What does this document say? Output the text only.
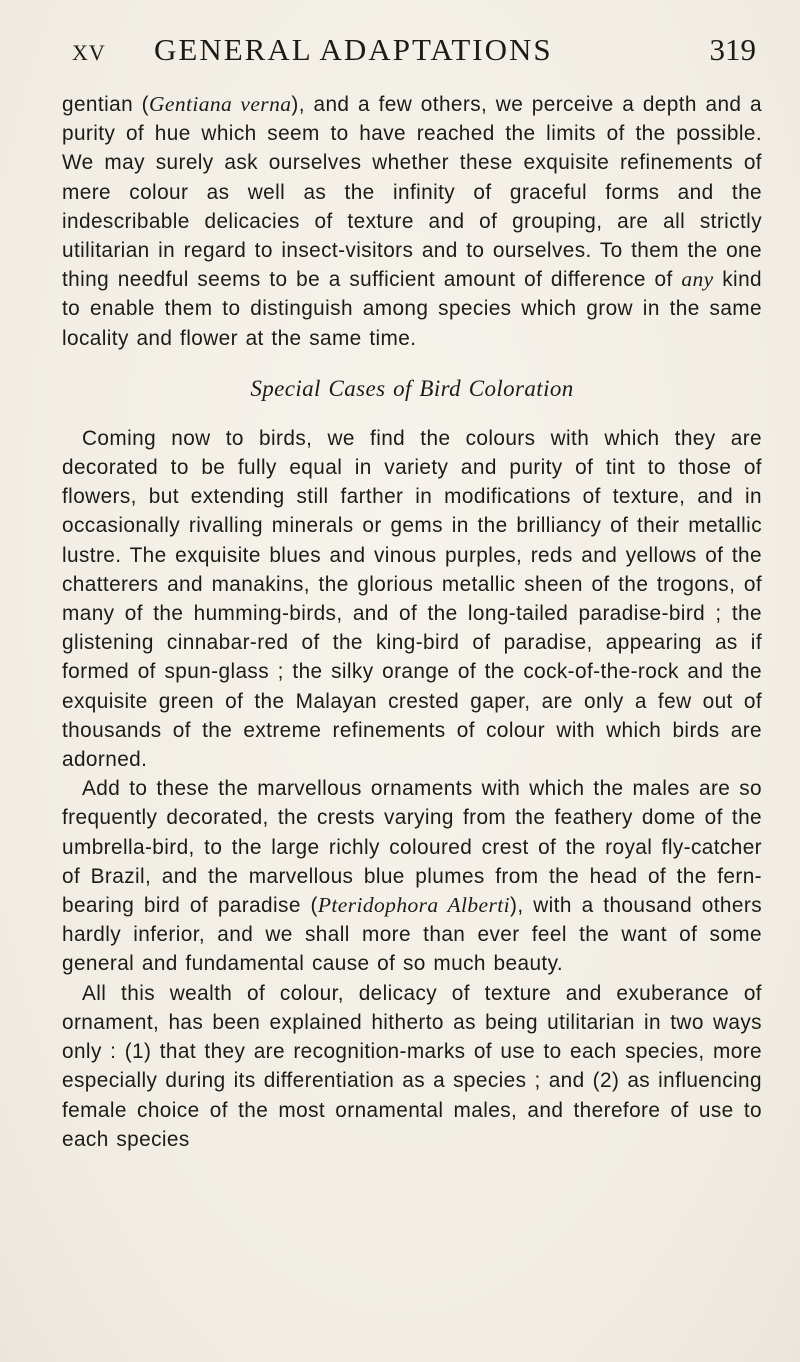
XV GENERAL ADAPTATIONS	319

gentian (Gentiana verna), and a few others, we perceive a depth and a purity of hue which seem to have reached the limits of the possible. We may surely ask ourselves whether these exquisite refinements of mere colour as well as the infinity of graceful forms and the indescribable delicacies of texture and of grouping, are all strictly utilitarian in regard to insect-visitors and to ourselves. To them the one thing needful seems to be a sufficient amount of difference of any kind to enable them to distinguish among species which grow in the same locality and flower at the same time.

Special Cases of Bird Coloration

Coming now to birds, we find the colours with which they are decorated to be fully equal in variety and purity of tint to those of flowers, but extending still farther in modifications of texture, and in occasionally rivalling minerals or gems in the brilliancy of their metallic lustre. The exquisite blues and vinous purples, reds and yellows of the chatterers and manakins, the glorious metallic sheen of the trogons, of many of the humming-birds, and of the long-tailed paradise-bird ; the glistening cinnabar-red of the king-bird of paradise, appearing as if formed of spun-glass ; the silky orange of the cock-of-the-rock and the exquisite green of the Malayan crested gaper, are only a few out of thousands of the extreme refinements of colour with which birds are adorned.

Add to these the marvellous ornaments with which the males are so frequently decorated, the crests varying from the feathery dome of the umbrella-bird, to the large richly coloured crest of the royal fly-catcher of Brazil, and the marvellous blue plumes from the head of the fern-bearing bird of paradise (Pteridophora Alberti), with a thousand others hardly inferior, and we shall more than ever feel the want of some general and fundamental cause of so much beauty.

All this wealth of colour, delicacy of texture and exuberance of ornament, has been explained hitherto as being utilitarian in two ways only : (1) that they are recognition-marks of use to each species, more especially during its differentiation as a species ; and (2) as influencing female choice of the most ornamental males, and therefore of use to each species
